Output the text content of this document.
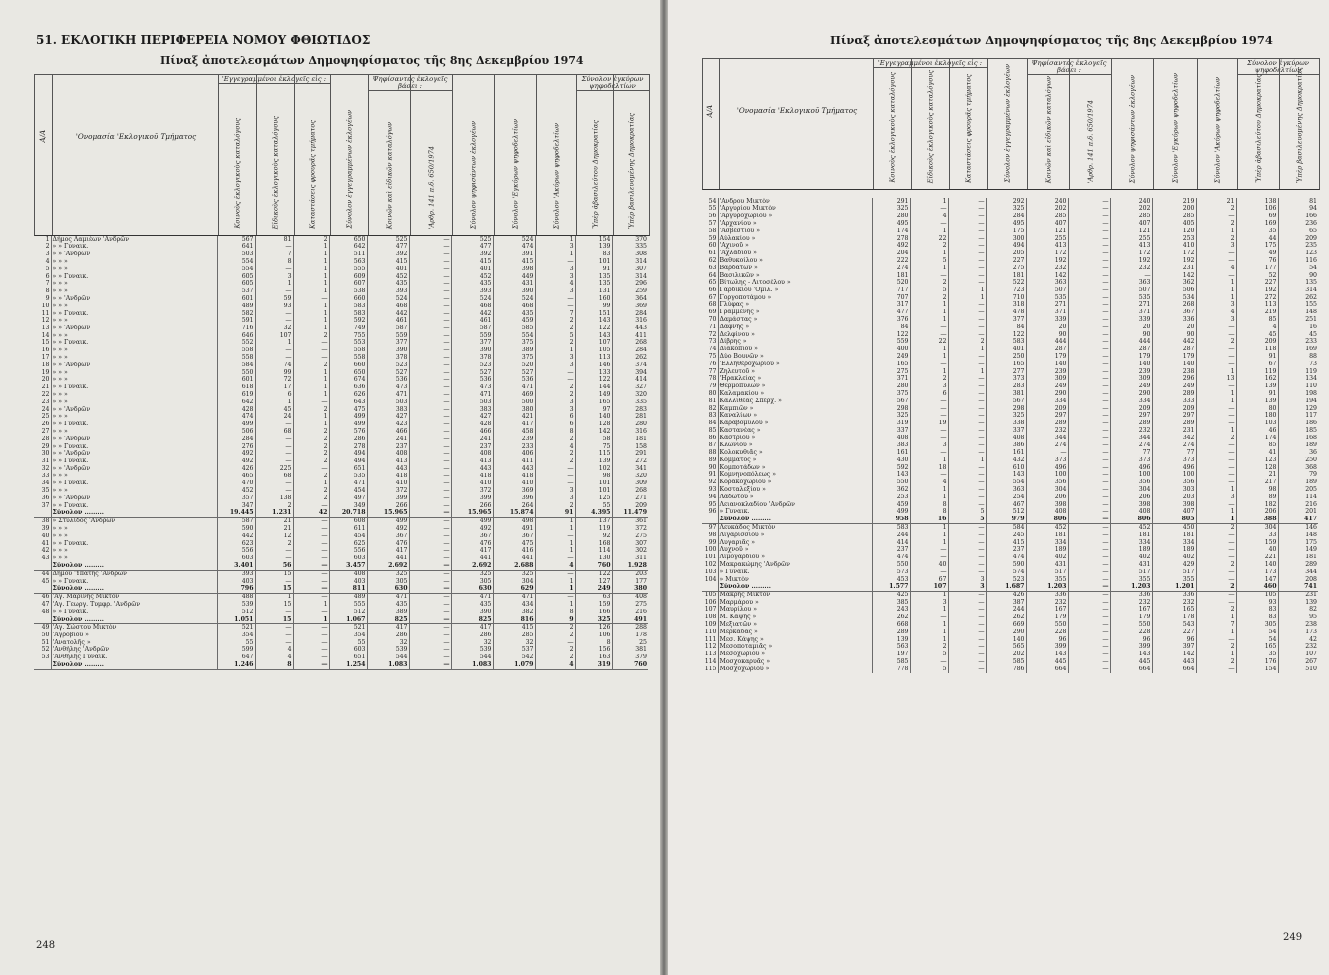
51. ΕΚΛΟΓΙΚΗ ΠΕΡΙΦΕΡΕΙΑ ΝΟΜΟΥ ΦΘΙΩΤΙΔΟΣ
Πίναξ ἀποτελεσμάτων Δημοψηφίσματος τῆς 8ης Δεκεμβρίου 1974
Α/Α	'Ονομασία 'Εκλογικοῦ Τμήματος
'Εγγεγραμμένοι ἐκλογεῖς εἰς :
Κοινοὺς ἐκλογικοὺς καταλόγους	Εἰδικοὺς ἐκλογικοὺς καταλόγους	Καταστάσεις φρουρᾶς τμήματος	Σύνολον ἐγγεγραμμένων ἐκλογέων
Ψηφίσαντες ἐκλογεῖς βάσει :
Κοινῶν καὶ εἰδικῶν καταλόγων	'Αρθρ. 141 π.δ. 650/1974	Σύνολον ψηφισάντων ἐκλογέων	Σύνολον 'Εγκύρων ψηφοδελτίων	Σύνολον 'Ακύρων ψηφοδελτίων
Σύνολον ἐγκύρων ψηφοδελτίων
Ὑπὲρ ἀβασιλεύτου Δημοκρατίας	Ὑπὲρ βασιλευομένης Δημοκρατίας
1	Δήμος Λαμιέων 'Ανδρῶν	567	81	2	650	525	—	525	524	1	154	370
2	» » Γυναικ.	641	—	1	642	477	—	477	474	3	139	335
3	» » 'Ανδρῶν	503	7	1	511	392	—	392	391	1	83	308
4	» » »	554	8	1	563	415	—	415	415	—	101	314
5	» » »	554	—	1	555	401	—	401	398	3	91	307
6	» » Γυναικ.	605	3	1	609	452	—	452	449	3	135	314
7	» » »	605	1	1	607	435	—	435	431	4	135	296
8	» » »	537	—	1	538	393	—	393	390	3	131	259
9	» » 'Ανδρῶν	601	59	—	660	524	—	524	524	—	160	364
10	» » »	489	93	1	583	468	—	468	468	—	99	369
11	» » Γυναικ.	582	—	1	583	442	—	442	435	7	151	284
12	» » »	591	—	1	592	461	—	461	459	2	143	316
13	» » 'Ανδρῶν	716	32	1	749	587	—	587	585	2	122	443
14	» » »	646	107	2	755	559	—	559	554	5	143	411
15	» » Γυναικ.	552	1	—	553	377	—	377	375	2	107	268
16	» » »	558	—	—	558	390	—	390	389	1	105	284
17	» » »	558	—	—	558	378	—	378	375	3	113	262
18	» » 'Ανδρῶν	584	74	2	660	523	—	523	520	3	146	374
19	» » »	550	99	1	650	527	—	527	527	—	133	394
20	» » »	601	72	1	674	536	—	536	536	—	122	414
21	» » Γυναικ.	618	17	1	636	473	—	473	471	2	144	327
22	» » »	619	6	1	626	471	—	471	469	2	149	320
23	» » »	642	1	—	643	503	—	503	500	3	165	335
24	» » 'Ανδρῶν	428	45	2	475	383	—	383	380	3	97	283
25	» » »	474	24	1	499	427	—	427	421	6	140	281
26	» » Γυναικ.	499	—	1	499	423	—	428	417	6	128	280
27	» » »	506	68	2	576	466	—	466	458	8	142	316
28	» » 'Ανδρῶν	284	—	2	286	241	—	241	239	2	58	181
29	» » Γυναικ.	276	—	2	278	237	—	237	233	4	75	158
30	» » 'Ανδρῶν	492	—	2	494	408	—	408	406	2	115	291
31	» » Γυναικ.	492	—	2	494	413	—	413	411	2	139	272
32	» » 'Ανδρῶν	426	225	—	651	443	—	443	443	—	102	341
33	» » »	465	68	2	535	418	—	418	418	—	98	320
34	» » Γυναικ.	470	—	1	471	410	—	410	410	—	101	309
35	» » »	452	—	2	454	372	—	372	369	3	101	268
36	» » 'Ανδρῶν	357	138	2	497	399	—	399	396	3	125	271
37	» » Γυναικ.	347	2	—	349	266	—	266	264	2	55	209
	Σύνολον .........	19.445	1.231	42	20.718	15.965	—	15.965	15.874	91	4.395	11.479
38	» Στυλίδος 'Ανδρῶν	587	21	—	608	499	—	499	498	1	137	361
39	» » »	590	21	—	611	492	—	492	491	1	119	372
40	» » »	442	12	—	454	367	—	367	367	—	92	275
41	» » Γυναικ.	623	2	—	625	476	—	476	475	1	168	307
42	» » »	556	—	—	556	417	—	417	416	1	114	302
43	» » »	603	—	—	603	441	—	441	441	—	130	311
	Σύνολον .........	3.401	56	—	3.457	2.692	—	2.692	2.688	4	760	1.928
44	Δήμου 'Υπάτης 'Ανδρῶν	393	15	—	408	325	—	325	325	—	122	203
45	» » Γυναικ.	403	—	—	403	305	—	305	304	1	127	177
	Σύνολον .........	796	15	—	811	630	—	630	629	1	249	380
46	'Αγ. Μαρίνης Μικτὸν	488	1	—	489	471	—	471	471	—	63	408
47	'Αγ. Γεωργ. Τυμφρ. 'Ανδρῶν	539	15	1	555	435	—	435	434	1	159	275
48	» » Γυναικ.	512	—	—	512	389	—	390	382	8	166	216
	Σύνολον .........	1.051	15	1	1.067	825	—	825	816	9	325	491
49	'Αγ. Σώστου Μικτὸν	521	—	—	521	417	—	417	415	2	126	288
50	'Αγροβίου »	354	—	—	354	286	—	286	285	2	106	178
51	'Ανατολῆς »	55	—	—	55	32	—	32	32	—	8	25
52	'Ανθήλης 'Ανδρῶν	599	4	—	603	539	—	539	537	2	156	381
53	'Ανθήλης Γυναικ.	647	4	—	651	544	—	544	542	2	163	379
	Σύνολον .........	1.246	8	—	1.254	1.083	—	1.083	1.079	4	319	760
248
Πίναξ ἀποτελεσμάτων Δημοψηφίσματος τῆς 8ης Δεκεμβρίου 1974
Α/Α	'Ονομασία 'Εκλογικοῦ Τμήματος
'Εγγεγραμμένοι ἐκλογεῖς εἰς :
Κοινοὺς ἐκλογικοὺς καταλόγους	Εἰδικοὺς ἐκλογικοὺς καταλόγους	Καταστάσεις φρουρᾶς τμήματος	Σύνολον ἐγγεγραμμένων ἐκλογέων
Ψηφίσαντες ἐκλογεῖς βάσει :
Κοινῶν καὶ εἰδικῶν καταλόγων	'Αρθρ. 141 π.δ. 650/1974	Σύνολον ψηφισάντων ἐκλογέων	Σύνολον 'Εγκύρων ψηφοδελτίων	Σύνολον 'Ακύρων ψηφοδελτίων
Σύνολον ἐγκύρων ψηφοδελτίων
Ὑπὲρ ἀβασιλεύτου Δημοκρατίας	Ὑπὲρ βασιλευομένης Δημοκρατίας
54	'Ανδρου Μικτὸν	291	1	—	292	240	—	240	219	21	138	81
55	'Αργυρίου Μικτὸν	325	—	—	325	202	—	202	200	2	106	94
56	'Αργυροχωρίου »	280	4	—	284	285	—	285	285	—	69	166
57	'Αρχανίου »	495	—	—	495	407	—	407	405	2	169	236
58	'Ασβεστίου »	174	1	—	175	121	—	121	120	1	35	65
59	Αὐλακίου »	278	22	—	300	255	—	255	253	2	44	209
60	'Αχινοῦ »	492	2	—	494	413	—	413	410	3	175	235
61	'Αχλαδίου »	204	1	—	205	172	—	172	172	—	49	123
62	Βαθυκοίλου »	222	5	—	227	192	—	192	192	—	76	116
63	Βαρδατῶν »	274	1	—	275	232	—	232	231	4	177	54
64	Βασιλικῶν »	181	—	—	181	142	—	—	142	—	52	90
65	Βίτωλης - Λιτοσέλου »	520	2	—	522	363	—	363	362	1	227	135
66	Γαρδικίου 'Ομιλ. »	717	5	1	723	507	—	507	506	1	192	314
67	Γοργοποτάμου »	707	2	1	710	535	—	535	534	1	272	262
68	Γλύφας »	317	1	—	318	271	—	271	268	3	113	155
69	Γραμμένης »	477	1	—	478	371	—	371	367	4	219	148
70	Δαμάστας »	376	1	—	377	339	—	339	336	3	85	251
71	Δάφνης »	84	—	—	84	20	—	20	20	—	4	16
72	Δελφίνου »	122	—	—	122	90	—	90	90	—	45	45
73	Δίβρης »	559	22	2	583	444	—	444	442	2	209	233
74	Διακοπίου »	400	1	1	401	287	—	287	287	—	118	169
75	Δύο Βουνῶν »	249	1	—	250	179	—	179	179	—	91	88
76	'Ελληθεροχωρίου »	165	—	—	165	140	—	140	140	—	67	73
77	Ζηλευτοῦ »	275	1	1	277	239	—	239	238	1	119	119
78	'Ηρακλείας »	371	2	—	373	309	—	309	296	13	162	134
79	Θερμοπυλῶν »	280	3	—	283	249	—	249	249	—	139	110
80	Καλαμακίου »	375	6	—	381	290	—	290	289	1	91	198
81	Καλλιθέας Σπερχ. »	567	—	—	567	334	—	334	333	1	139	194
82	Καμπιῶν »	298	—	—	298	209	—	209	209	—	80	129
83	Καναλίων »	325	—	—	325	297	—	297	297	—	180	117
84	Καραβομύλου »	319	19	—	338	289	—	289	289	—	103	186
85	Καστανέας »	337	—	—	337	232	—	232	231	1	46	185
86	Καστρίου »	408	—	—	408	344	—	344	342	2	174	168
87	Κλωνίου »	383	3	—	386	274	—	274	274	—	85	189
88	Κολοκυθιᾶς »	161	—	—	161	—	—	77	77	—	41	36
89	Κόμματος »	430	1	1	432	373	—	373	373	—	123	250
90	Κομποτάδων »	592	18	—	610	496	—	496	496	—	128	368
91	Κομνηνοπόλεως »	143	—	—	143	100	—	100	100	—	21	79
92	Κορακοχωρίου »	550	4	—	554	356	—	356	356	—	217	189
93	Κοσταλεξίου »	362	1	—	363	304	—	304	303	1	98	205
94	Λαδωτοῦ »	253	1	—	254	206	—	206	203	3	89	114
95	Λειανοκλαδίου 'Ανδρῶν	459	8	—	467	398	—	398	398	—	182	216
96	» Γυναικ.	499	8	5	512	408	—	408	407	1	206	201
	Σύνολον .........	958	16	5	979	806	—	806	805	1	388	417
97	Λευκάδος Μικτὸν	583	1	—	584	452	—	452	450	2	304	146
98	Λιγαρισσίου »	244	1	—	245	181	—	181	181	—	33	148
99	Λυγαριᾶς »	414	1	—	415	334	—	334	334	—	159	175
100	Λυχνοῦ »	237	—	—	237	189	—	189	189	—	40	149
101	Λιμογαρδίου »	474	—	—	474	402	—	402	402	—	221	181
102	Μακρακώμης 'Ανδρῶν	550	40	—	590	431	—	431	429	2	140	289
103	» Γυναικ.	573	—	—	574	517	—	517	517	—	173	344
104	» Μικτὸν	453	67	3	523	355	—	355	355	—	147	208
	Σύνολον .........	1.577	107	3	1.687	1.203	—	1.203	1.201	2	460	741
105	Μάκρης Μικτὸν	425	1	—	426	336	—	336	336	—	105	231
106	Μαρμάρου »	385	3	—	387	232	—	232	232	—	93	139
107	Μαυρίλου »	243	1	—	244	167	—	167	165	2	83	82
108	Μ. Κάψης »	262	—	—	262	179	—	179	178	1	83	95
109	Μεξιατῶν »	668	1	—	669	550	—	550	543	7	305	238
110	Μερκάδας »	289	1	—	290	228	—	228	227	1	54	173
111	Μεσ. Κάψης »	139	1	—	140	96	—	96	96	—	54	42
112	Μεσοποταμιᾶς »	563	2	—	565	399	—	399	397	2	165	232
113	Μεσοχωρίου »	197	5	—	202	143	—	143	142	1	35	107
114	Μοσχοκαρυᾶς »	585	—	—	585	445	—	445	443	2	176	267
115	Μοσχοχωρίου »	778	5	—	786	664	—	664	664	—	154	510
249
